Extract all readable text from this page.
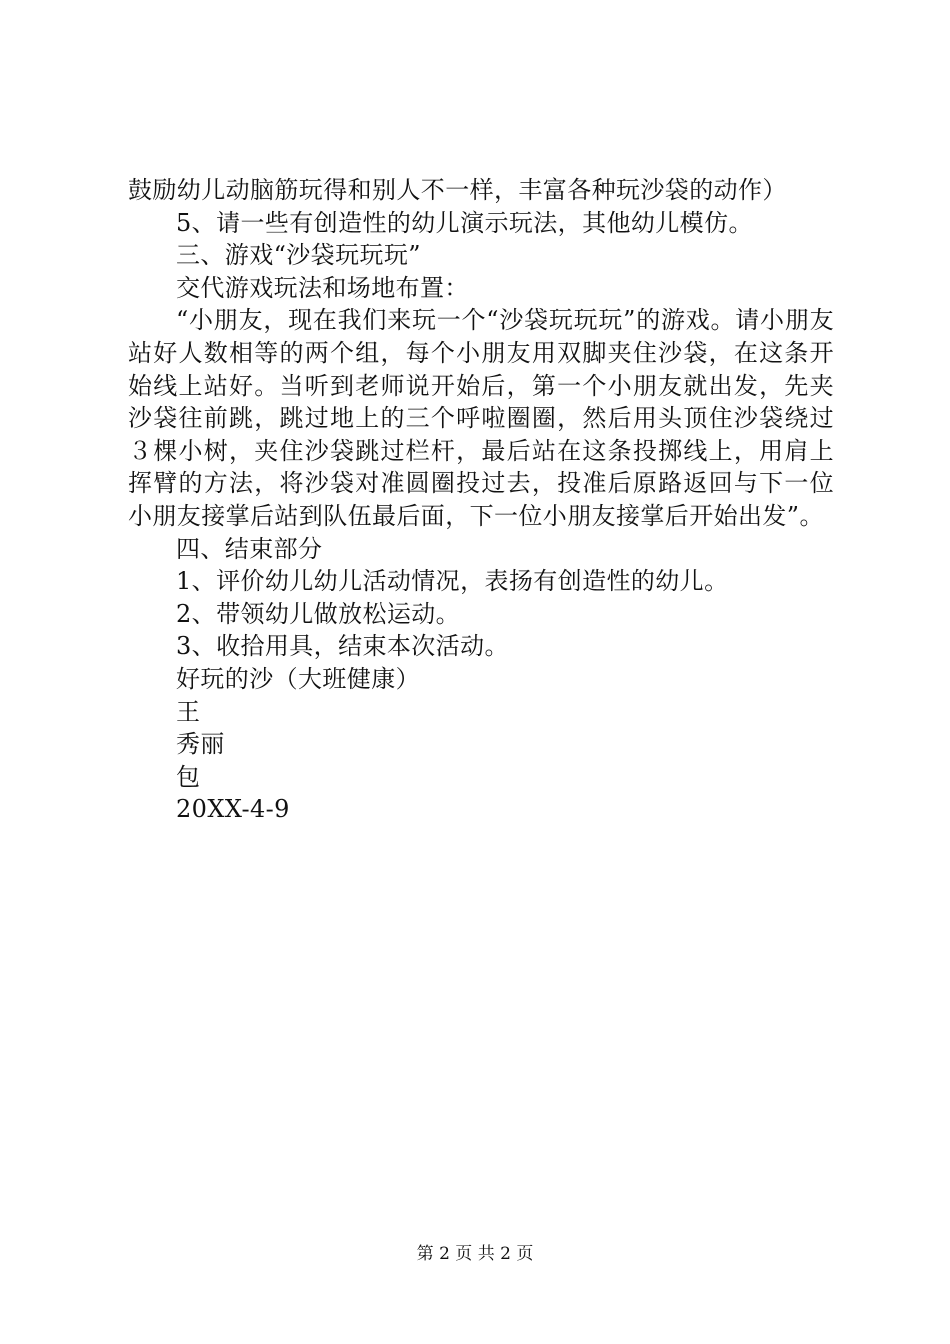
鼓励幼儿动脑筋玩得和别人不一样，丰富各种玩沙袋的动作）
5、请一些有创造性的幼儿演示玩法，其他幼儿模仿。
三、游戏“沙袋玩玩玩”
交代游戏玩法和场地布置：
“小朋友，现在我们来玩一个“沙袋玩玩玩”的游戏。请小朋友站好人数相等的两个组，每个小朋友用双脚夹住沙袋，在这条开始线上站好。当听到老师说开始后，第一个小朋友就出发，先夹沙袋往前跳，跳过地上的三个呼啦圈圈，然后用头顶住沙袋绕过３棵小树，夹住沙袋跳过栏杆，最后站在这条投掷线上，用肩上挥臂的方法，将沙袋对准圆圈投过去，投准后原路返回与下一位小朋友接掌后站到队伍最后面，下一位小朋友接掌后开始出发”。
四、结束部分
1、评价幼儿幼儿活动情况，表扬有创造性的幼儿。
2、带领幼儿做放松运动。
3、收拾用具，结束本次活动。
好玩的沙（大班健康）
王
秀丽
包
20XX-4-9
第 2 页 共 2 页
